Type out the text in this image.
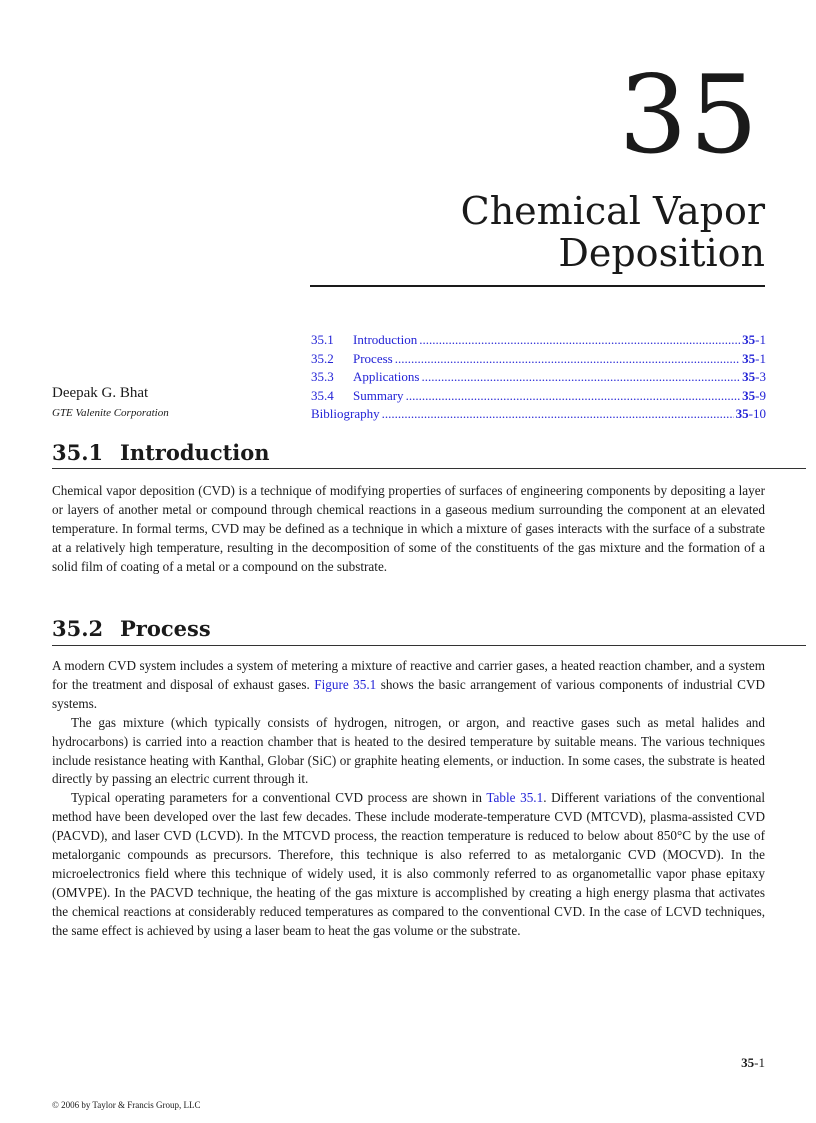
35
Chemical Vapor
Deposition
Deepak G. Bhat
GTE Valenite Corporation
35.1	Introduction .....	35-1
35.2	Process .....	35-1
35.3	Applications .....	35-3
35.4	Summary .....	35-9
Bibliography .....	35-10
35.1 Introduction

Chemical vapor deposition (CVD) is a technique of modifying properties of surfaces of engineering components by depositing a layer or layers of another metal or compound through chemical reactions in a gaseous medium surrounding the component at an elevated temperature. In formal terms, CVD may be defined as a technique in which a mixture of gases interacts with the surface of a substrate at a relatively high temperature, resulting in the decomposition of some of the constituents of the gas mixture and the formation of a solid film of coating of a metal or a compound on the substrate.

35.2 Process

A modern CVD system includes a system of metering a mixture of reactive and carrier gases, a heated reaction chamber, and a system for the treatment and disposal of exhaust gases. Figure 35.1 shows the basic arrangement of various components of industrial CVD systems.

The gas mixture (which typically consists of hydrogen, nitrogen, or argon, and reactive gases such as metal halides and hydrocarbons) is carried into a reaction chamber that is heated to the desired temperature by suitable means. The various techniques include resistance heating with Kanthal, Globar (SiC) or graphite heating elements, or induction. In some cases, the substrate is heated directly by passing an electric current through it.

Typical operating parameters for a conventional CVD process are shown in Table 35.1. Different variations of the conventional method have been developed over the last few decades. These include moderate-temperature CVD (MTCVD), plasma-assisted CVD (PACVD), and laser CVD (LCVD). In the MTCVD process, the reaction temperature is reduced to below about 850°C by the use of metalorganic compounds as precursors. Therefore, this technique is also referred to as metalorganic CVD (MOCVD). In the microelectronics field where this technique of widely used, it is also commonly referred to as organometallic vapor phase epitaxy (OMVPE). In the PACVD technique, the heating of the gas mixture is accomplished by creating a high energy plasma that activates the chemical reactions at considerably reduced temperatures as compared to the conventional CVD. In the case of LCVD techniques, the same effect is achieved by using a laser beam to heat the gas volume or the substrate.

35-1
© 2006 by Taylor & Francis Group, LLC
